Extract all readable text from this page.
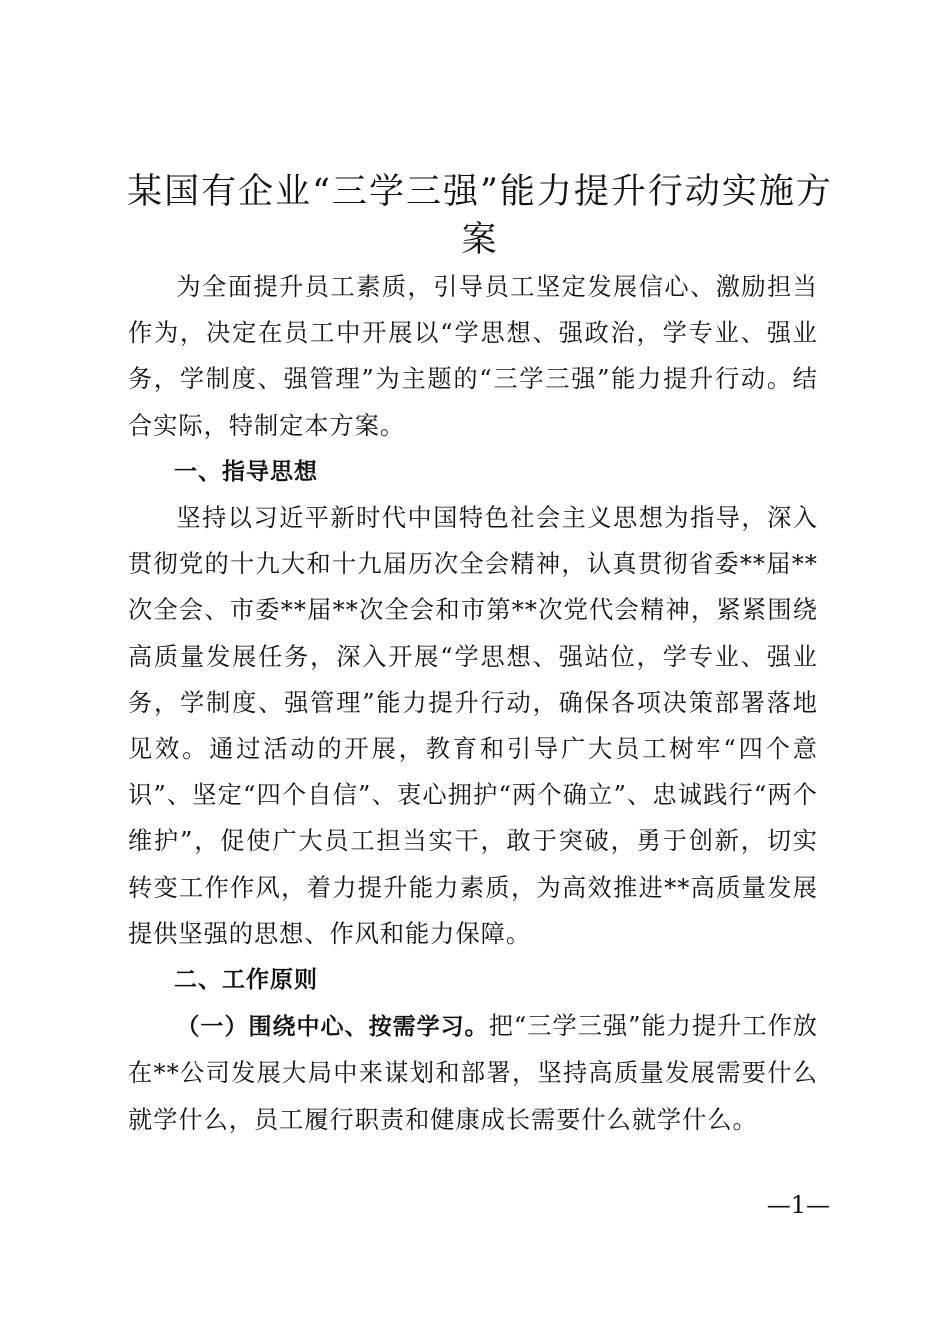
某国有企业“三学三强”能力提升行动实施方案

为全面提升员工素质，引导员工坚定发展信心、激励担当作为，决定在员工中开展以“学思想、强政治，学专业、强业务，学制度、强管理”为主题的“三学三强”能力提升行动。结合实际，特制定本方案。

一、指导思想

坚持以习近平新时代中国特色社会主义思想为指导，深入贯彻党的十九大和十九届历次全会精神，认真贯彻省委**届**次全会、市委**届**次全会和市第**次党代会精神，紧紧围绕高质量发展任务，深入开展“学思想、强站位，学专业、强业务，学制度、强管理”能力提升行动，确保各项决策部署落地见效。通过活动的开展，教育和引导广大员工树牢“四个意识”、坚定“四个自信”、衷心拥护“两个确立”、忠诚践行“两个维护”，促使广大员工担当实干，敢于突破，勇于创新，切实转变工作作风，着力提升能力素质，为高效推进**高质量发展提供坚强的思想、作风和能力保障。

二、工作原则

（一）围绕中心、按需学习。把“三学三强”能力提升工作放在**公司发展大局中来谋划和部署，坚持高质量发展需要什么就学什么，员工履行职责和健康成长需要什么就学什么。

—1—
